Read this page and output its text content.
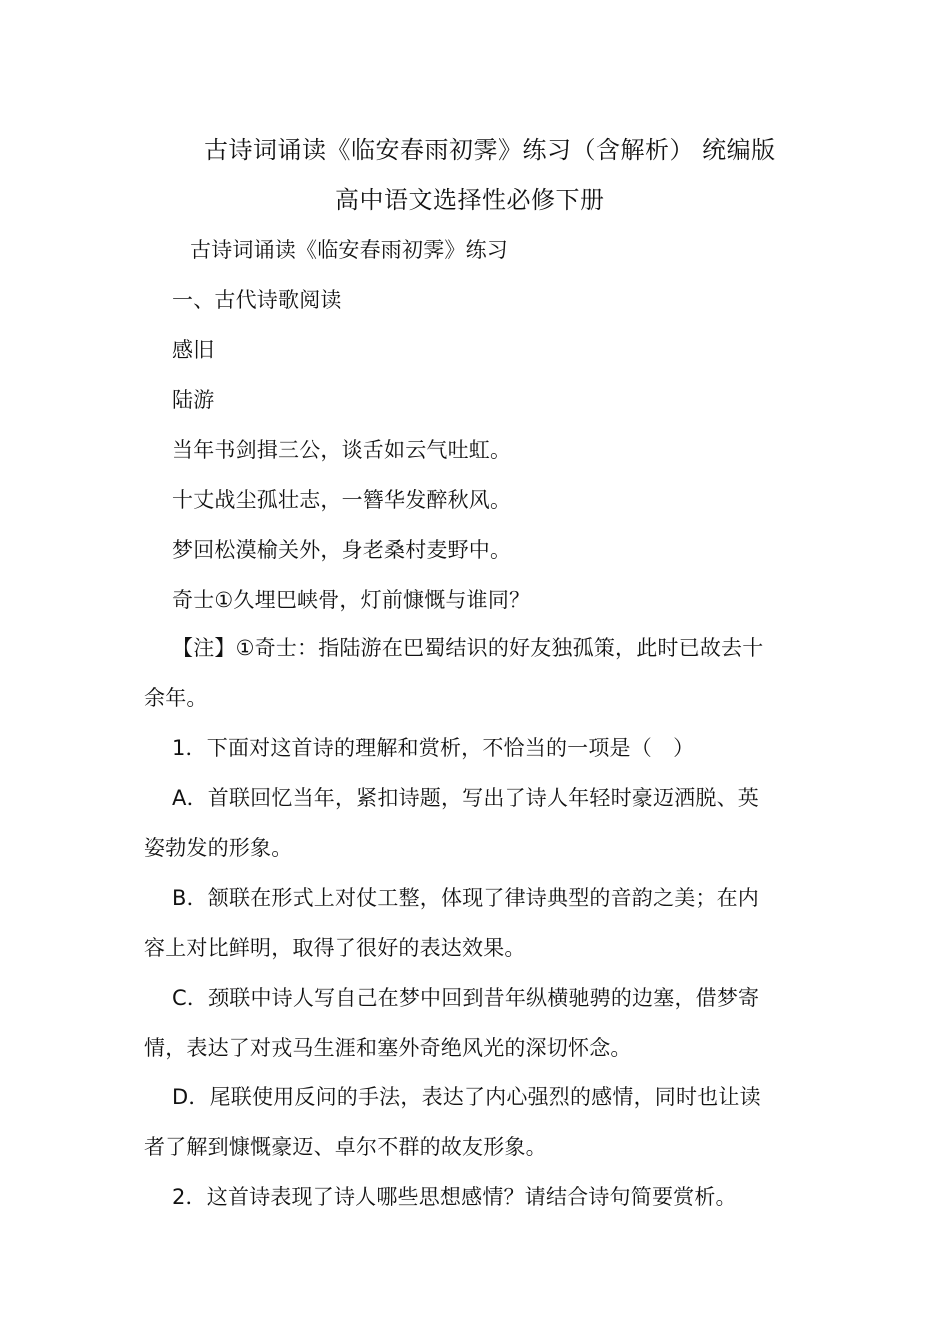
古诗词诵读《临安春雨初霁》练习（含解析） 统编版
高中语文选择性必修下册
古诗词诵读《临安春雨初霁》练习
一、古代诗歌阅读
感旧
陆游
当年书剑揖三公，谈舌如云气吐虹。
十丈战尘孤壮志，一簪华发醉秋风。
梦回松漠榆关外，身老桑村麦野中。
奇士①久埋巴峡骨，灯前慷慨与谁同？
【注】①奇士：指陆游在巴蜀结识的好友独孤策，此时已故去十
余年。
1．下面对这首诗的理解和赏析，不恰当的一项是（　）
A．首联回忆当年，紧扣诗题，写出了诗人年轻时豪迈洒脱、英
姿勃发的形象。
B．颔联在形式上对仗工整，体现了律诗典型的音韵之美；在内
容上对比鲜明，取得了很好的表达效果。
C．颈联中诗人写自己在梦中回到昔年纵横驰骋的边塞，借梦寄
情，表达了对戎马生涯和塞外奇绝风光的深切怀念。
D．尾联使用反问的手法，表达了内心强烈的感情，同时也让读
者了解到慷慨豪迈、卓尔不群的故友形象。
2．这首诗表现了诗人哪些思想感情？请结合诗句简要赏析。
